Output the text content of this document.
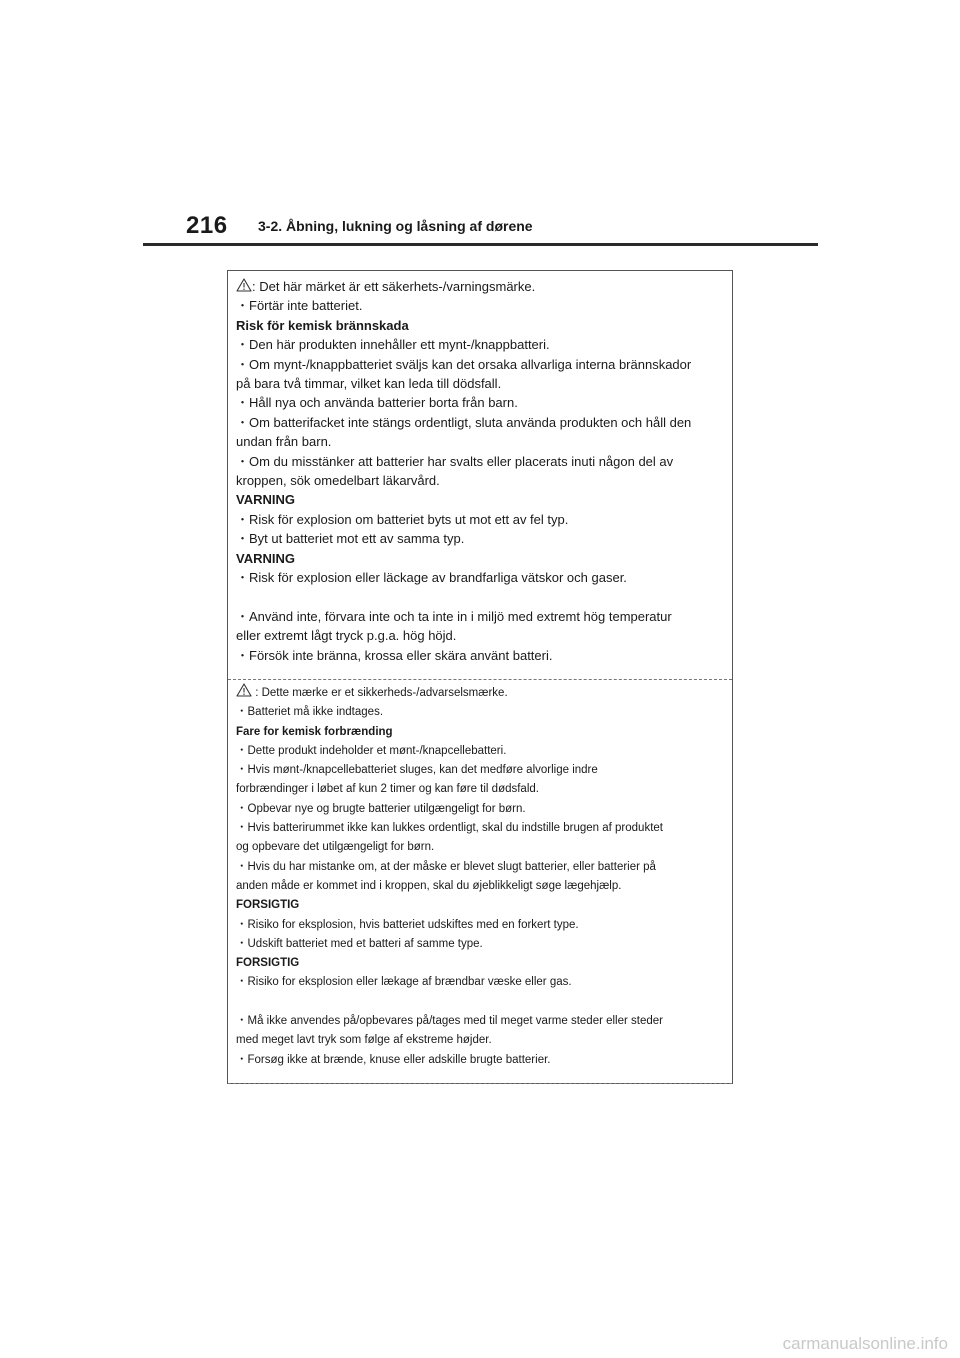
216 3-2. Åbning, lukning og låsning af dørene
: Det här märket är ett säkerhets-/varningsmärke.
・Förtär inte batteriet.
Risk för kemisk brännskada
・Den här produkten innehåller ett mynt-/knappbatteri.
・Om mynt-/knappbatteriet sväljs kan det orsaka allvarliga interna brännskador
på bara två timmar, vilket kan leda till dödsfall.
・Håll nya och använda batterier borta från barn.
・Om batterifacket inte stängs ordentligt, sluta använda produkten och håll den
undan från barn.
・Om du misstänker att batterier har svalts eller placerats inuti någon del av
kroppen, sök omedelbart läkarvård.
VARNING
・Risk för explosion om batteriet byts ut mot ett av fel typ.
・Byt ut batteriet mot ett av samma typ.
VARNING
・Risk för explosion eller läckage av brandfarliga vätskor och gaser.
・Använd inte, förvara inte och ta inte in i miljö med extremt hög temperatur
eller extremt lågt tryck p.g.a. hög höjd.
・Försök inte bränna, krossa eller skära använt batteri.
: Dette mærke er et sikkerheds-/advarselsmærke.
・Batteriet må ikke indtages.
Fare for kemisk forbrænding
・Dette produkt indeholder et mønt-/knapcellebatteri.
・Hvis mønt-/knapcellebatteriet sluges, kan det medføre alvorlige indre
forbrændinger i løbet af kun 2 timer og kan føre til dødsfald.
・Opbevar nye og brugte batterier utilgængeligt for børn.
・Hvis batterirummet ikke kan lukkes ordentligt, skal du indstille brugen af produktet
og opbevare det utilgængeligt for børn.
・Hvis du har mistanke om, at der måske er blevet slugt batterier, eller batterier på
anden måde er kommet ind i kroppen, skal du øjeblikkeligt søge lægehjælp.
FORSIGTIG
・Risiko for eksplosion, hvis batteriet udskiftes med en forkert type.
・Udskift batteriet med et batteri af samme type.
FORSIGTIG
・Risiko for eksplosion eller lækage af brændbar væske eller gas.
・Må ikke anvendes på/opbevares på/tages med til meget varme steder eller steder
med meget lavt tryk som følge af ekstreme højder.
・Forsøg ikke at brænde, knuse eller adskille brugte batterier.
carmanualsonline.info
